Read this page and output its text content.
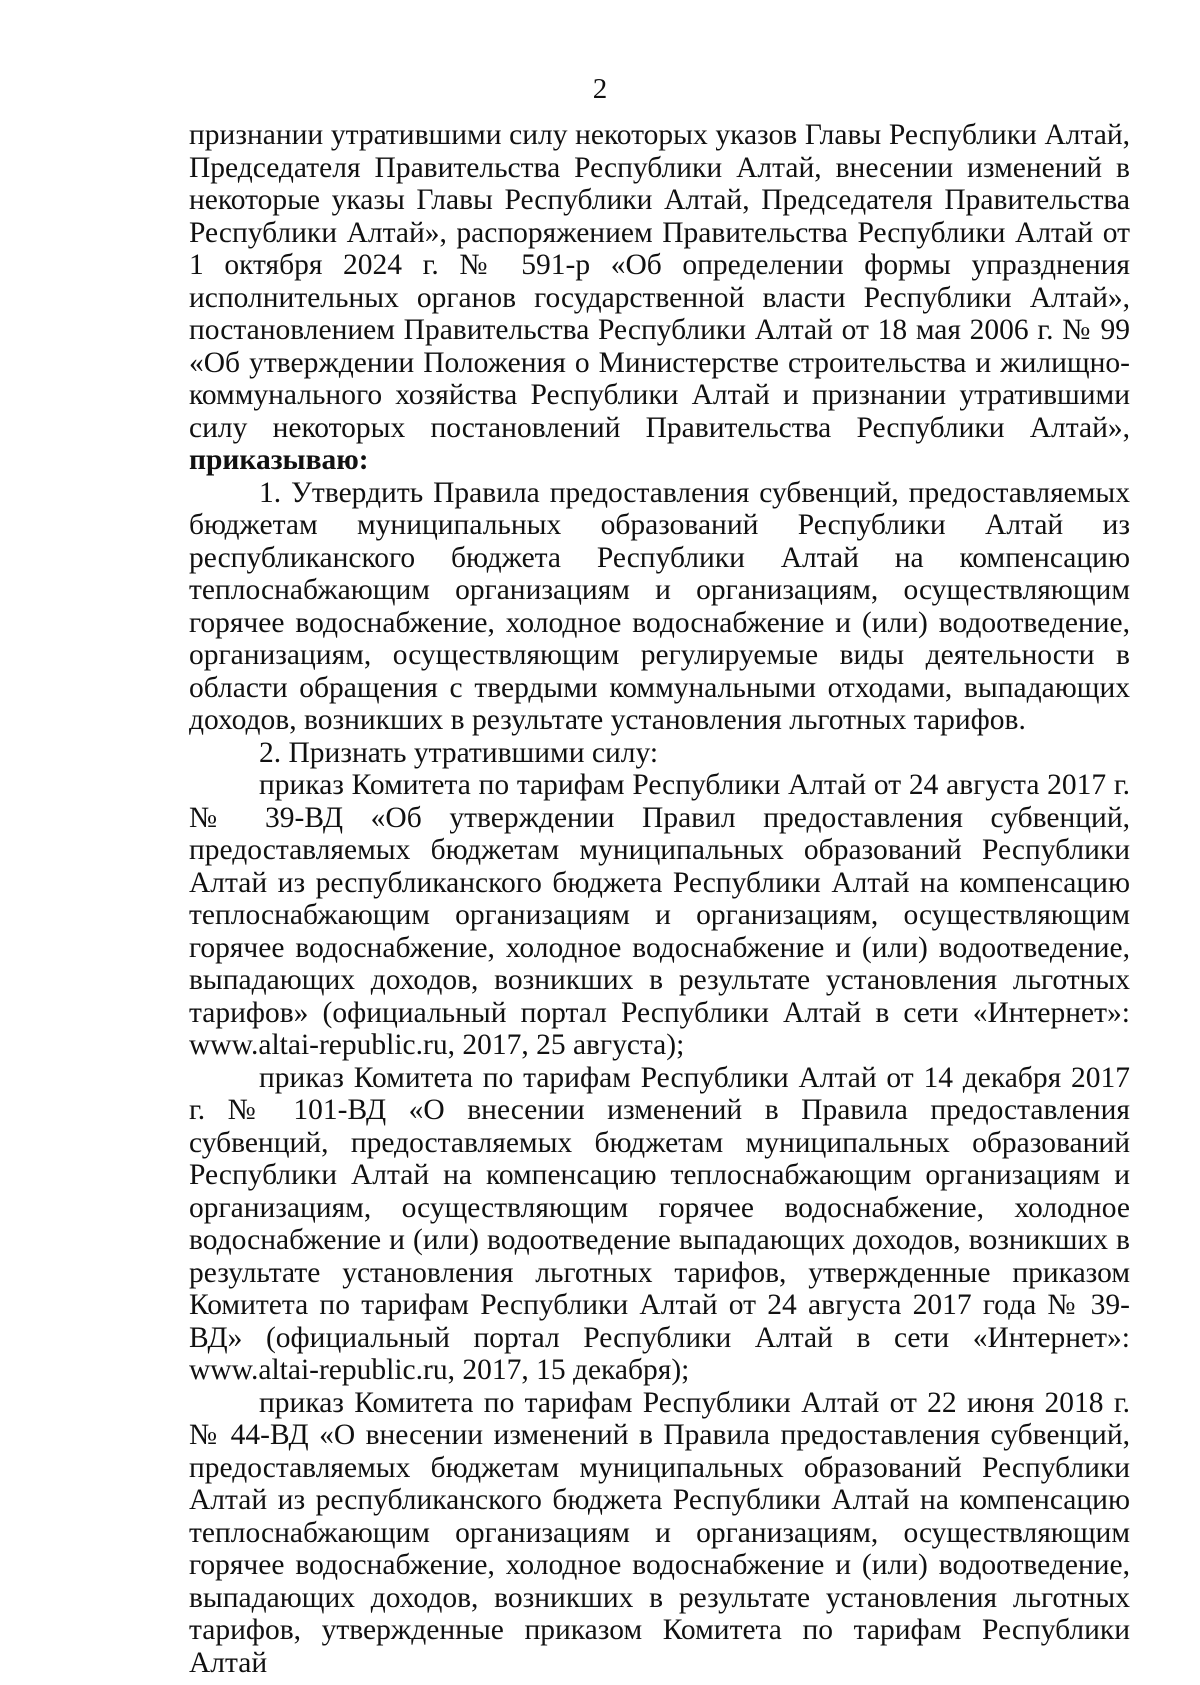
2

признании утратившими силу некоторых указов Главы Республики Алтай, Председателя Правительства Республики Алтай, внесении изменений в некоторые указы Главы Республики Алтай, Председателя Правительства Республики Алтай», распоряжением Правительства Республики Алтай от 1 октября 2024 г. № 591-р «Об определении формы упразднения исполнительных органов государственной власти Республики Алтай», постановлением Правительства Республики Алтай от 18 мая 2006 г. № 99 «Об утверждении Положения о Министерстве строительства и жилищно-коммунального хозяйства Республики Алтай и признании утратившими силу некоторых постановлений Правительства Республики Алтай», приказываю:

1. Утвердить Правила предоставления субвенций, предоставляемых бюджетам муниципальных образований Республики Алтай из республиканского бюджета Республики Алтай на компенсацию теплоснабжающим организациям и организациям, осуществляющим горячее водоснабжение, холодное водоснабжение и (или) водоотведение, организациям, осуществляющим регулируемые виды деятельности в области обращения с твердыми коммунальными отходами, выпадающих доходов, возникших в результате установления льготных тарифов.

2. Признать утратившими силу:

приказ Комитета по тарифам Республики Алтай от 24 августа 2017 г. № 39-ВД «Об утверждении Правил предоставления субвенций, предоставляемых бюджетам муниципальных образований Республики Алтай из республиканского бюджета Республики Алтай на компенсацию теплоснабжающим организациям и организациям, осуществляющим горячее водоснабжение, холодное водоснабжение и (или) водоотведение, выпадающих доходов, возникших в результате установления льготных тарифов» (официальный портал Республики Алтай в сети «Интернет»: www.altai-republic.ru, 2017, 25 августа);

приказ Комитета по тарифам Республики Алтай от 14 декабря 2017 г. № 101-ВД «О внесении изменений в Правила предоставления субвенций, предоставляемых бюджетам муниципальных образований Республики Алтай на компенсацию теплоснабжающим организациям и организациям, осуществляющим горячее водоснабжение, холодное водоснабжение и (или) водоотведение выпадающих доходов, возникших в результате установления льготных тарифов, утвержденные приказом Комитета по тарифам Республики Алтай от 24 августа 2017 года № 39-ВД» (официальный портал Республики Алтай в сети «Интернет»: www.altai-republic.ru, 2017, 15 декабря);

приказ Комитета по тарифам Республики Алтай от 22 июня 2018 г. № 44-ВД «О внесении изменений в Правила предоставления субвенций, предоставляемых бюджетам муниципальных образований Республики Алтай из республиканского бюджета Республики Алтай на компенсацию теплоснабжающим организациям и организациям, осуществляющим горячее водоснабжение, холодное водоснабжение и (или) водоотведение, выпадающих доходов, возникших в результате установления льготных тарифов, утвержденные приказом Комитета по тарифам Республики Алтай
